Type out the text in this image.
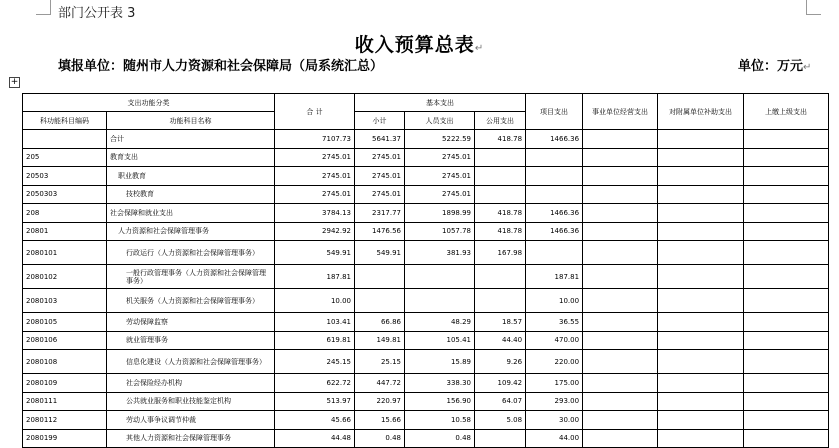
部门公开表 3
收入预算总表↵
填报单位：随州市人力资源和社会保障局（局系统汇总）	单位：万元↵
+
支出功能分类		合 计	基本支出			项目支出	事业单位经营支出	对附属单位补助支出	上缴上级支出
科功能科目编码	功能科目名称		小计	人员支出	公用支出				
	合计	7107.73	5641.37	5222.59	418.78	1466.36			
205	教育支出	2745.01	2745.01	2745.01					
20503	职业教育	2745.01	2745.01	2745.01					
2050303	技校教育	2745.01	2745.01	2745.01					
208	社会保障和就业支出	3784.13	2317.77	1898.99	418.78	1466.36			
20801	人力资源和社会保障管理事务	2942.92	1476.56	1057.78	418.78	1466.36			
2080101	行政运行（人力资源和社会保障管理事务）	549.91	549.91	381.93	167.98				
2080102	一般行政管理事务（人力资源和社会保障管理事务）	187.81				187.81			
2080103	机关服务（人力资源和社会保障管理事务）	10.00				10.00			
2080105	劳动保障监察	103.41	66.86	48.29	18.57	36.55			
2080106	就业管理事务	619.81	149.81	105.41	44.40	470.00			
2080108	信息化建设（人力资源和社会保障管理事务）	245.15	25.15	15.89	9.26	220.00			
2080109	社会保险经办机构	622.72	447.72	338.30	109.42	175.00			
2080111	公共就业服务和职业技能鉴定机构	513.97	220.97	156.90	64.07	293.00			
2080112	劳动人事争议调节仲裁	45.66	15.66	10.58	5.08	30.00			
2080199	其他人力资源和社会保障管理事务	44.48	0.48	0.48		44.00			
